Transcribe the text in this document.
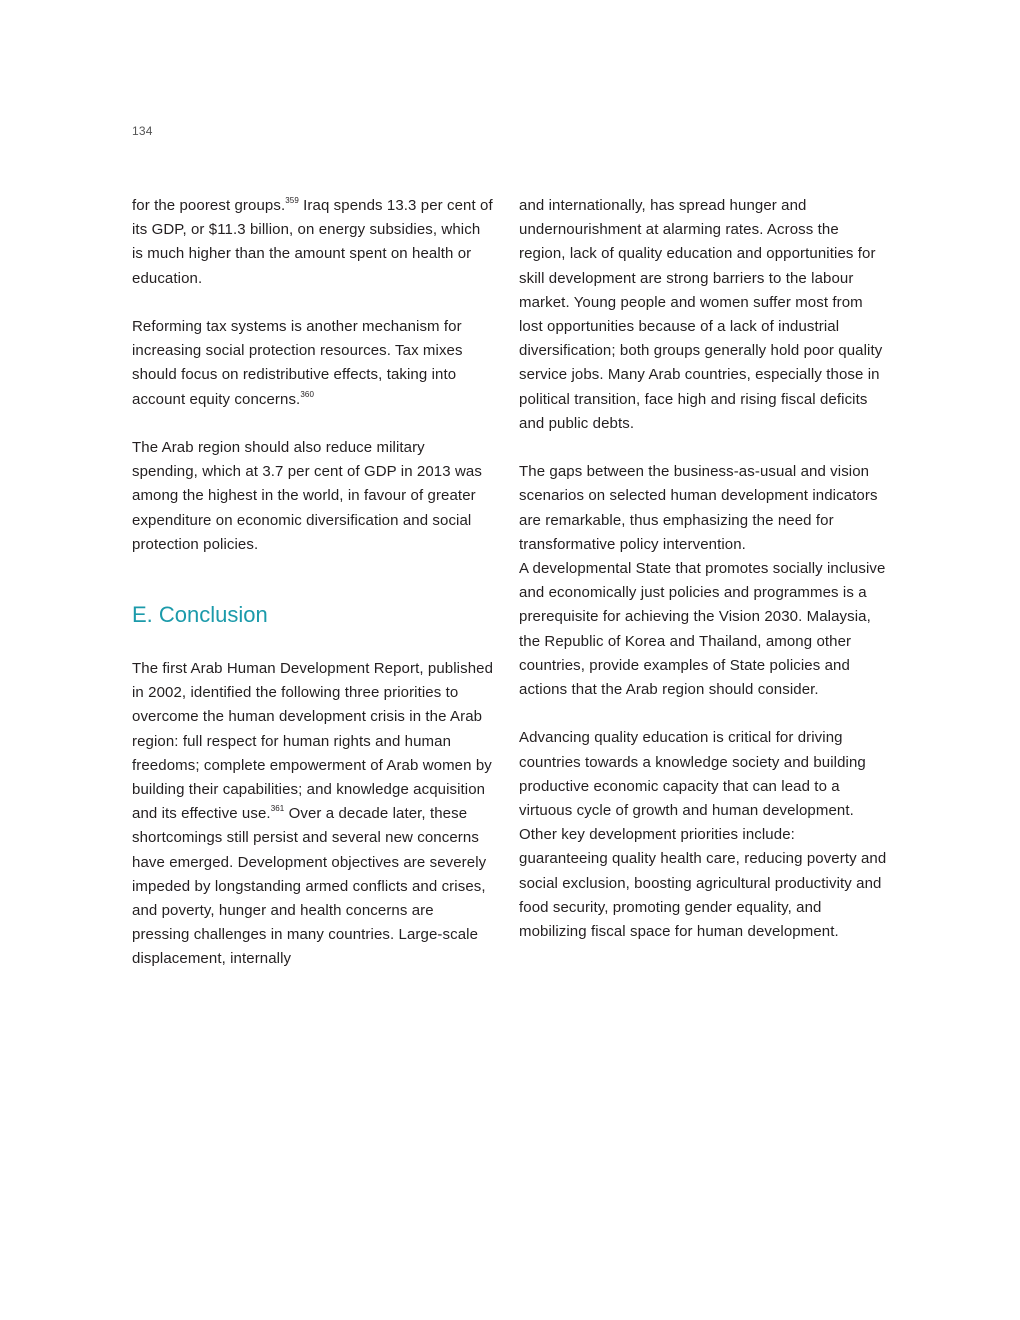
134

for the poorest groups.$^{359}$ Iraq spends 13.3 per cent of its GDP, or $11.3 billion, on energy subsidies, which is much higher than the amount spent on health or education.

Reforming tax systems is another mechanism for increasing social protection resources. Tax mixes should focus on redistributive effects, taking into account equity concerns.$^{360}$

The Arab region should also reduce military spending, which at 3.7 per cent of GDP in 2013 was among the highest in the world, in favour of greater expenditure on economic diversification and social protection policies.

E. Conclusion

The first Arab Human Development Report, published in 2002, identified the following three priorities to overcome the human development crisis in the Arab region: full respect for human rights and human freedoms; complete empowerment of Arab women by building their capabilities; and knowledge acquisition and its effective use.$^{361}$ Over a decade later, these shortcomings still persist and several new concerns have emerged. Development objectives are severely impeded by longstanding armed conflicts and crises, and poverty, hunger and health concerns are pressing challenges in many countries. Large-scale displacement, internally

and internationally, has spread hunger and undernourishment at alarming rates. Across the region, lack of quality education and opportunities for skill development are strong barriers to the labour market. Young people and women suffer most from lost opportunities because of a lack of industrial diversification; both groups generally hold poor quality service jobs. Many Arab countries, especially those in political transition, face high and rising fiscal deficits and public debts.

The gaps between the business-as-usual and vision scenarios on selected human development indicators are remarkable, thus emphasizing the need for transformative policy intervention.

A developmental State that promotes socially inclusive and economically just policies and programmes is a prerequisite for achieving the Vision 2030. Malaysia, the Republic of Korea and Thailand, among other countries, provide examples of State policies and actions that the Arab region should consider.

Advancing quality education is critical for driving countries towards a knowledge society and building productive economic capacity that can lead to a virtuous cycle of growth and human development. Other key development priorities include: guaranteeing quality health care, reducing poverty and social exclusion, boosting agricultural productivity and food security, promoting gender equality, and mobilizing fiscal space for human development.
